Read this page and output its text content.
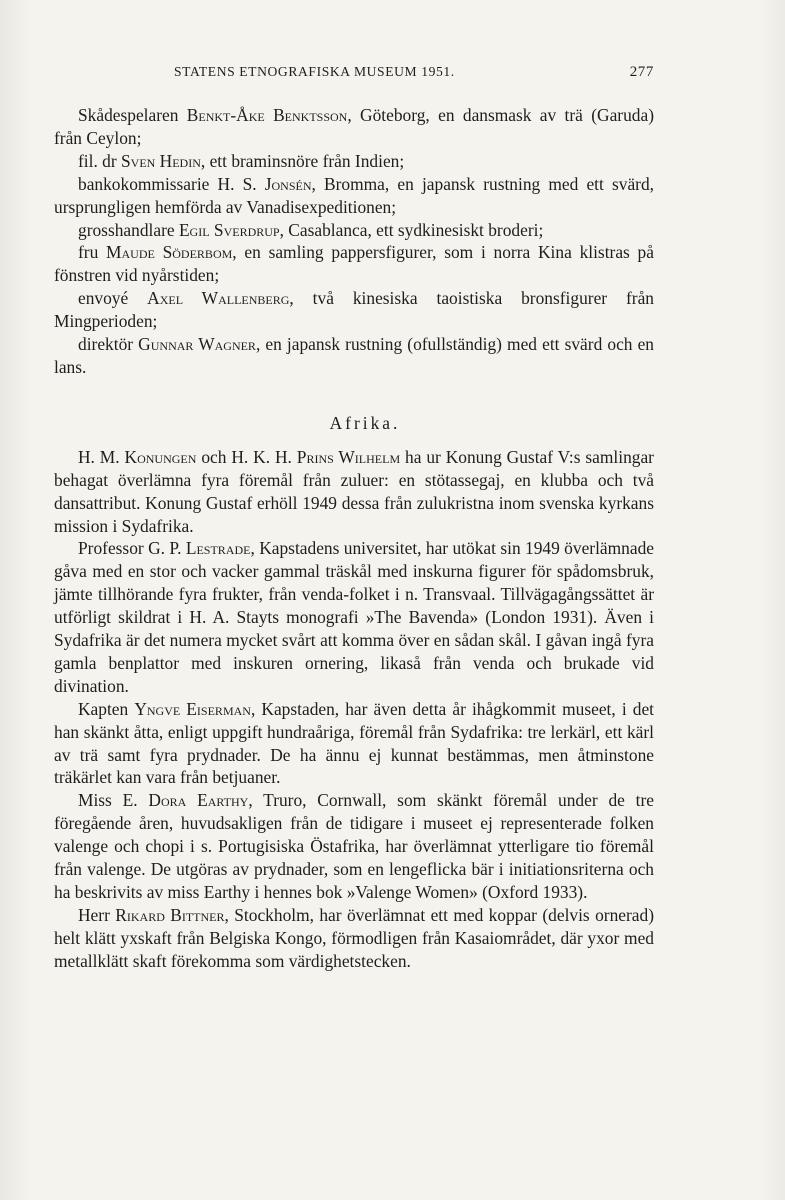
STATENS ETNOGRAFISKA MUSEUM 1951.	277
Skådespelaren Benkt-Åke Benktsson, Göteborg, en dansmask av trä (Garuda) från Ceylon;
fil. dr Sven Hedin, ett braminsnöre från Indien;
bankokommissarie H. S. Jonsén, Bromma, en japansk rustning med ett svärd, ursprungligen hemförda av Vanadisexpeditionen;
grosshandlare Egil Sverdrup, Casablanca, ett sydkinesiskt broderi;
fru Maude Söderbom, en samling pappersfigurer, som i norra Kina klistras på fönstren vid nyårstiden;
envoyé Axel Wallenberg, två kinesiska taoistiska bronsfigurer från Mingperioden;
direktör Gunnar Wagner, en japansk rustning (ofullständig) med ett svärd och en lans.
Afrika.
H. M. Konungen och H. K. H. Prins Wilhelm ha ur Konung Gustaf V:s samlingar behagat överlämna fyra föremål från zuluer: en stötassegaj, en klubba och två dansattribut. Konung Gustaf erhöll 1949 dessa från zulukristna inom svenska kyrkans mission i Sydafrika.
Professor G. P. Lestrade, Kapstadens universitet, har utökat sin 1949 överlämnade gåva med en stor och vacker gammal träskål med inskurna figurer för spådomsbruk, jämte tillhörande fyra frukter, från venda-folket i n. Transvaal. Tillvägagångssättet är utförligt skildrat i H. A. Stayts monografi »The Bavenda» (London 1931). Även i Sydafrika är det numera mycket svårt att komma över en sådan skål. I gåvan ingå fyra gamla benplattor med inskuren ornering, likaså från venda och brukade vid divination.
Kapten Yngve Eiserman, Kapstaden, har även detta år ihågkommit museet, i det han skänkt åtta, enligt uppgift hundraåriga, föremål från Sydafrika: tre lerkärl, ett kärl av trä samt fyra prydnader. De ha ännu ej kunnat bestämmas, men åtminstone träkärlet kan vara från betjuaner.
Miss E. Dora Earthy, Truro, Cornwall, som skänkt föremål under de tre föregående åren, huvudsakligen från de tidigare i museet ej representerade folken valenge och chopi i s. Portugisiska Östafrika, har överlämnat ytterligare tio föremål från valenge. De utgöras av prydnader, som en lengeflicka bär i initiationsriterna och ha beskrivits av miss Earthy i hennes bok »Valenge Women» (Oxford 1933).
Herr Rikard Bittner, Stockholm, har överlämnat ett med koppar (delvis ornerad) helt klätt yxskaft från Belgiska Kongo, förmodligen från Kasaiområdet, där yxor med metallklätt skaft förekomma som värdighetstecken.
